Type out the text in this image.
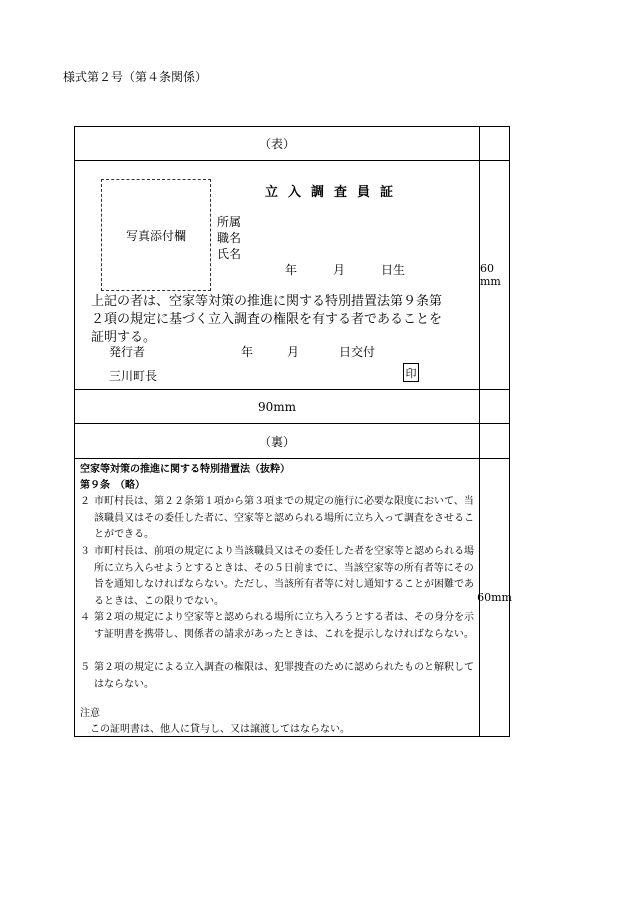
様式第２号（第４条関係）
（表）
写真添付欄
立入調査員証
所属
職名
氏名
年	月	日生
上記の者は、空家等対策の推進に関する特別措置法第９条第２項の規定に基づく立入調査の権限を有する者であることを証明する。
発行者	年	月	日交付
三川町長	印
60 mm
90mm
（裏）
60mm
空家等対策の推進に関する特別措置法（抜粋）
第９条　（略）
２ 市町村長は、第２２条第１項から第３項までの規定の施行に必要な限度において、当該職員又はその委任した者に、空家等と認められる場所に立ち入って調査をさせることができる。
３ 市町村長は、前項の規定により当該職員又はその委任した者を空家等と認められる場所に立ち入らせようとするときは、その５日前までに、当該空家等の所有者等にその旨を通知しなければならない。ただし、当該所有者等に対し通知することが困難であるときは、この限りでない。
４ 第２項の規定により空家等と認められる場所に立ち入ろうとする者は、その身分を示す証明書を携帯し、関係者の請求があったときは、これを提示しなければならない。
５ 第２項の規定による立入調査の権限は、犯罪捜査のために認められたものと解釈してはならない。
注意
この証明書は、他人に貸与し、又は譲渡してはならない。
